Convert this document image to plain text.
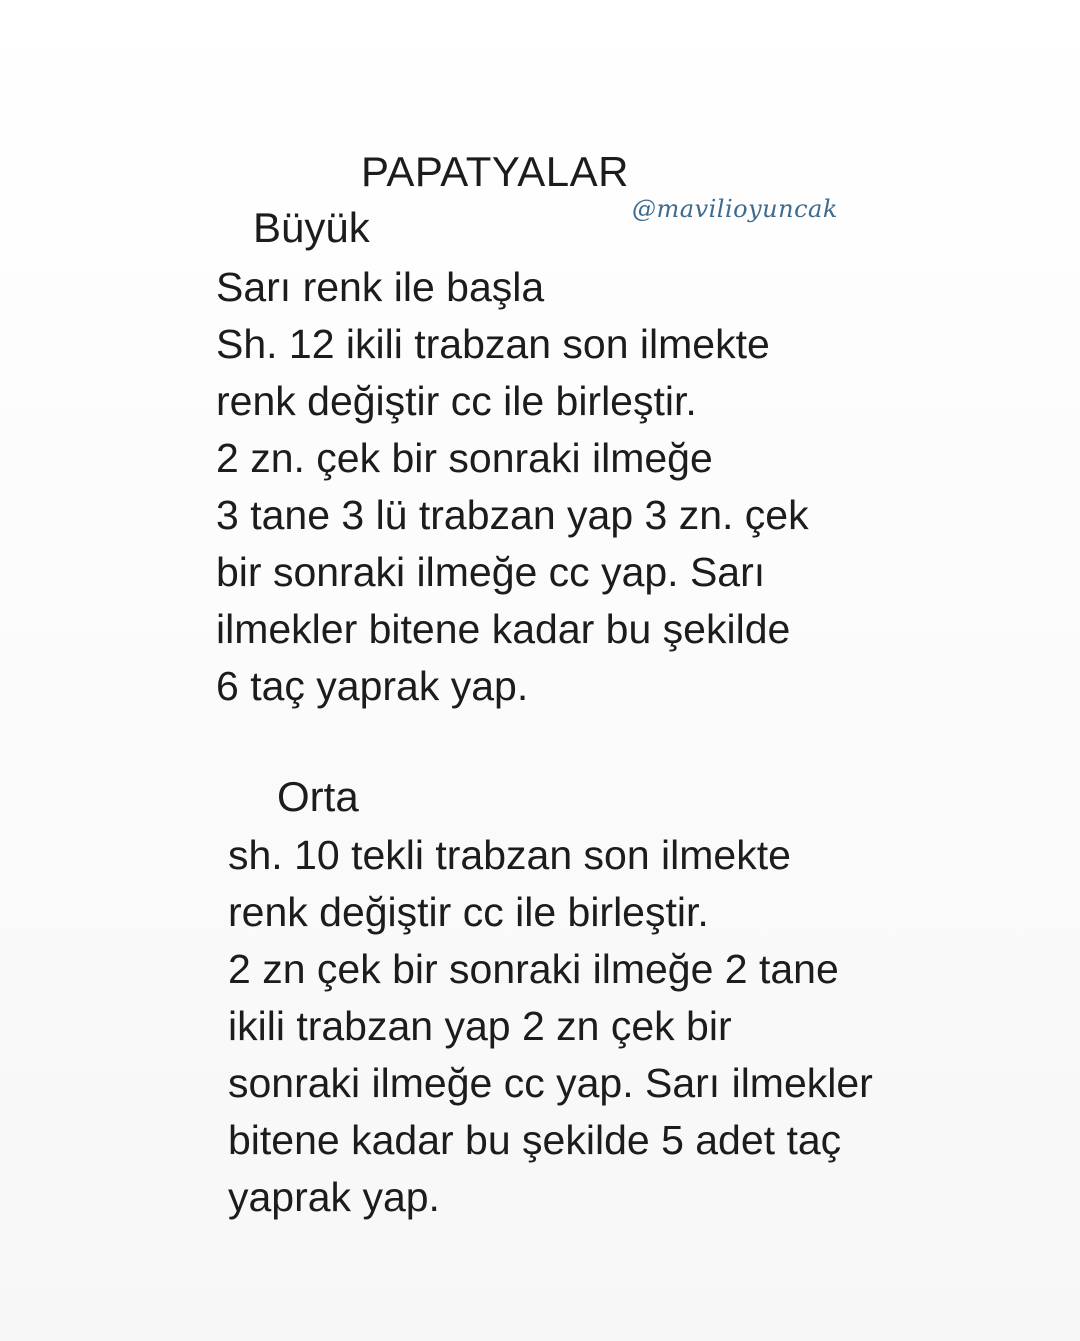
PAPATYALAR
@mavilioyuncak
Büyük
Sarı renk ile başla
Sh. 12 ikili trabzan son ilmekte
renk değiştir cc ile birleştir.
2 zn. çek bir sonraki ilmeğe
3 tane 3 lü trabzan yap 3 zn. çek
bir sonraki ilmeğe cc yap. Sarı
ilmekler bitene kadar bu şekilde
6 taç yaprak yap.
Orta
sh. 10 tekli trabzan son ilmekte
renk değiştir cc ile birleştir.
2 zn çek bir sonraki ilmeğe 2 tane
ikili trabzan yap 2 zn çek bir
sonraki ilmeğe cc yap. Sarı ilmekler
bitene kadar bu şekilde 5 adet taç
yaprak yap.
